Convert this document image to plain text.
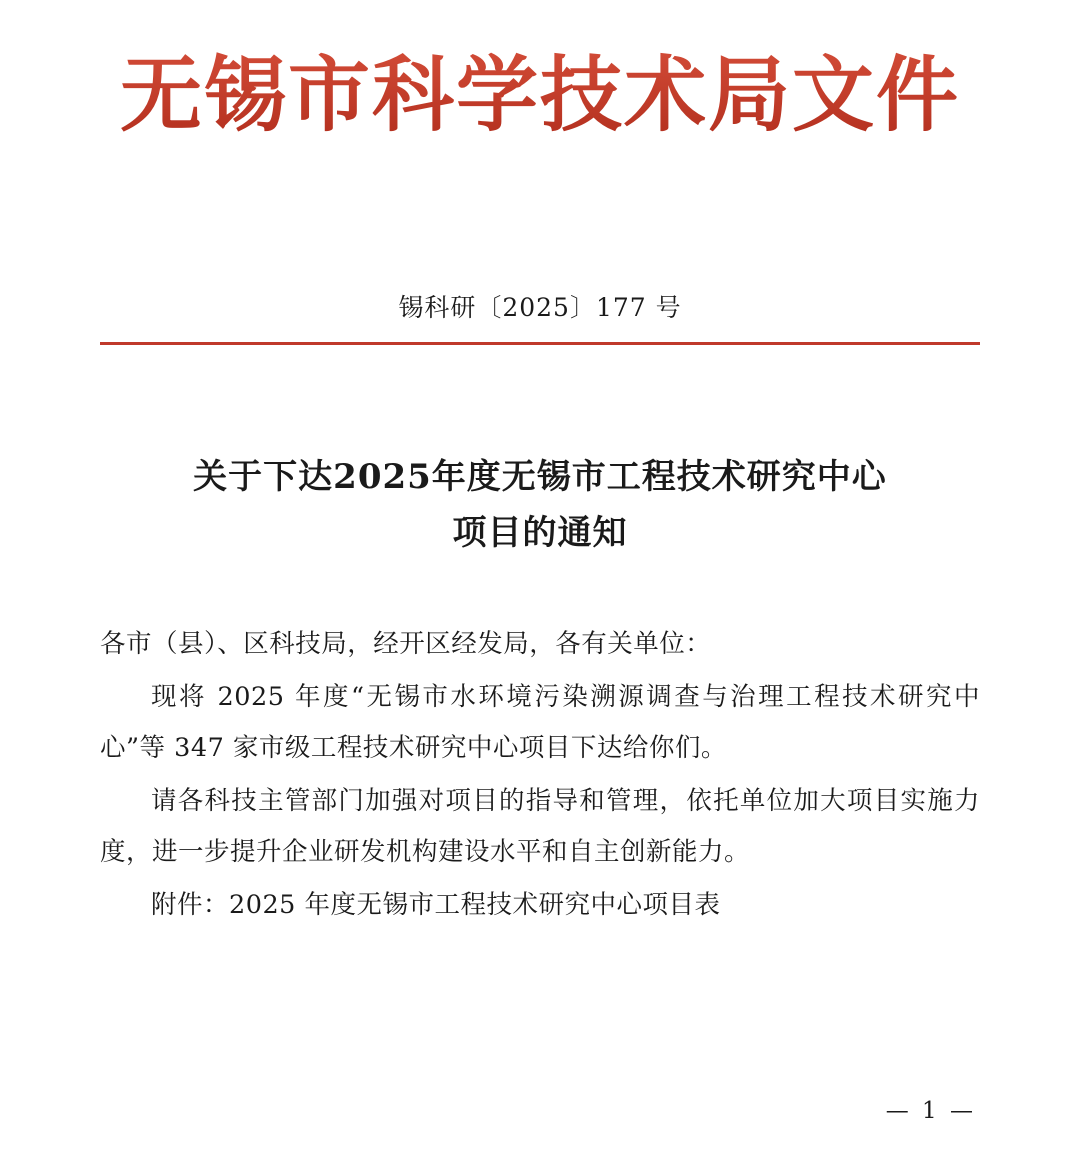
无锡市科学技术局文件
锡科研〔2025〕177 号
关于下达2025年度无锡市工程技术研究中心
项目的通知

各市（县）、区科技局，经开区经发局，各有关单位：

现将 2025 年度“无锡市水环境污染溯源调查与治理工程技术研究中心”等 347 家市级工程技术研究中心项目下达给你们。

请各科技主管部门加强对项目的指导和管理，依托单位加大项目实施力度，进一步提升企业研发机构建设水平和自主创新能力。

附件：2025 年度无锡市工程技术研究中心项目表

— 1 —
